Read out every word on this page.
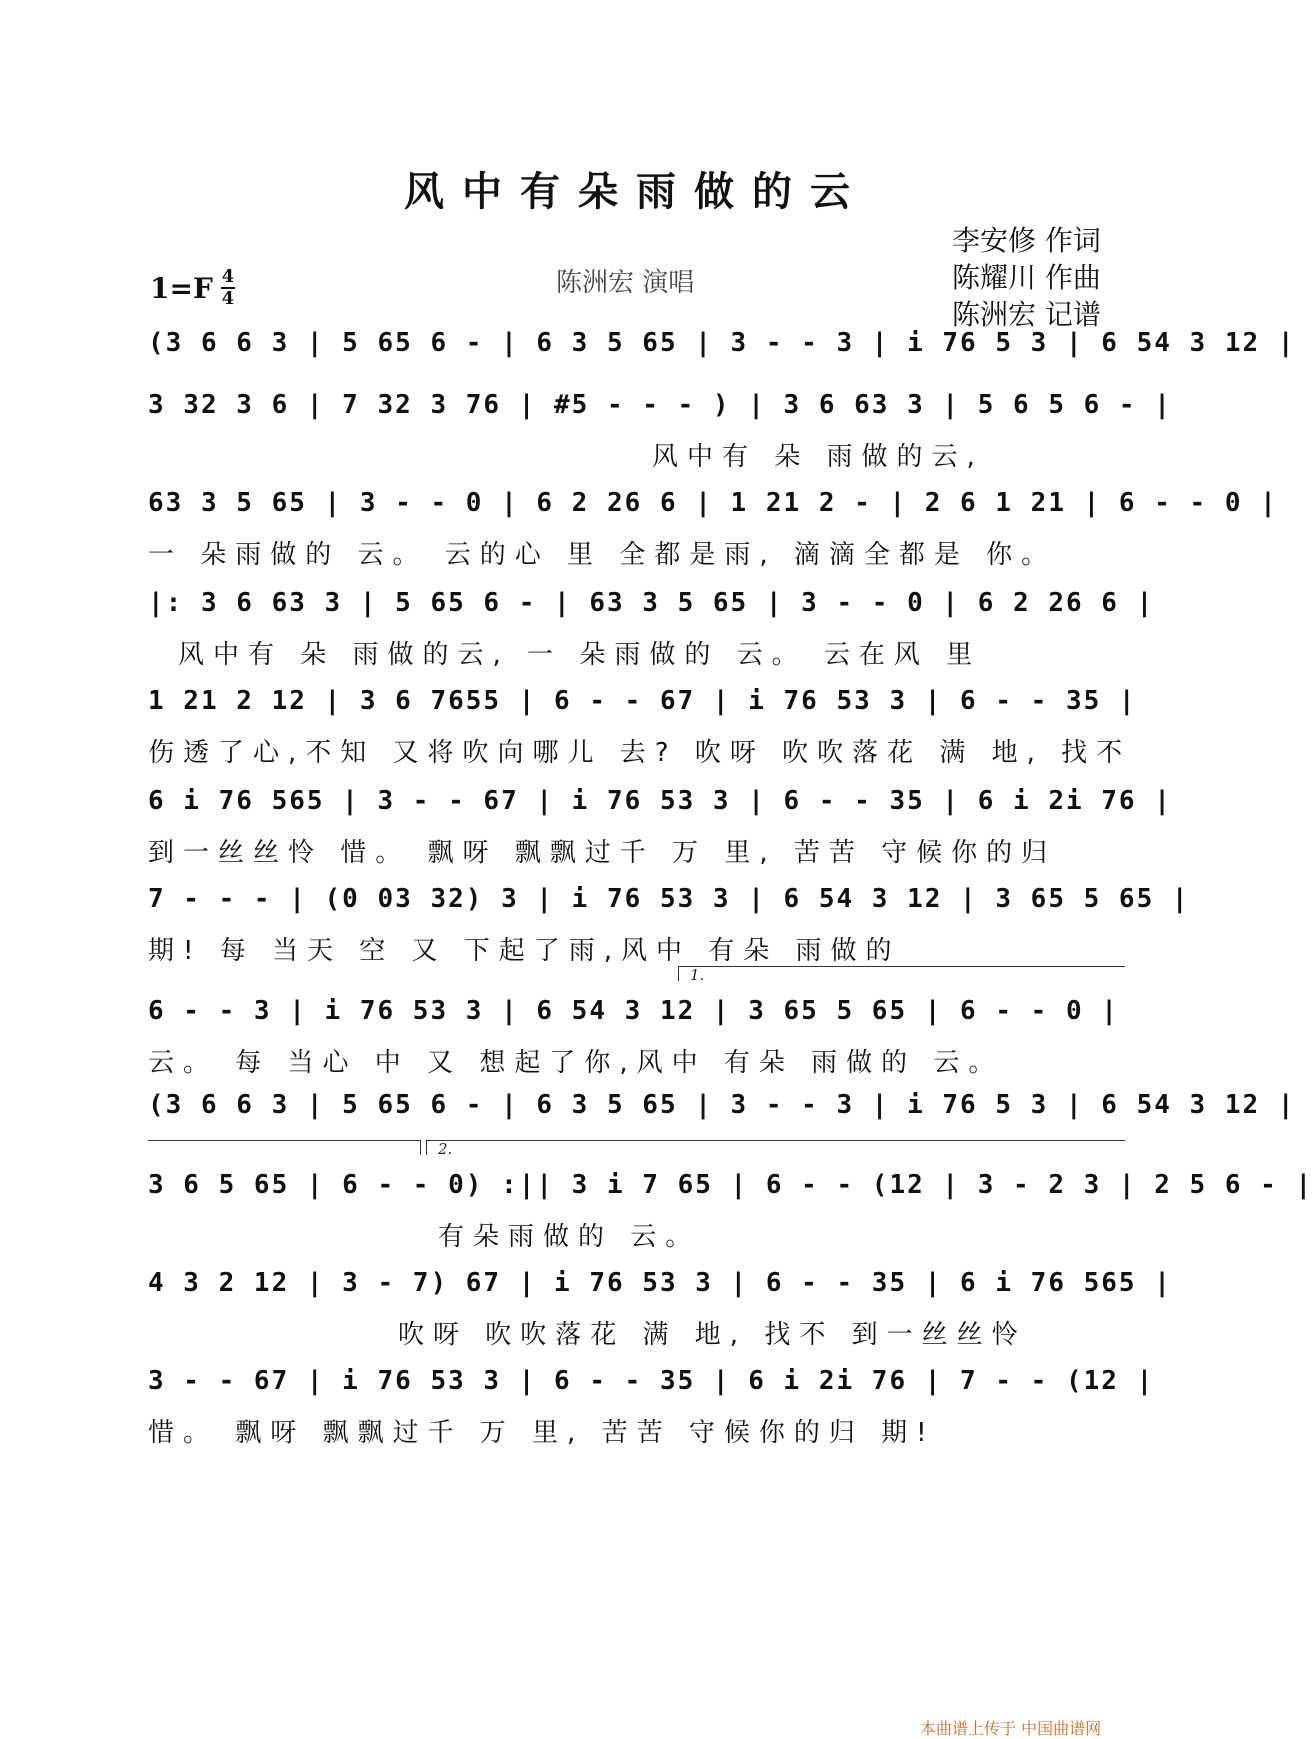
风中有朵雨做的云
$1=F \frac{4}{4}$	陈洲宏 演唱
李安修 作词
陈耀川 作曲
陈洲宏 记谱
(3 6 6 3 | 5 65 6 - | 6 3 5 65 | 3 - - 3 | i 76 5 3 | 6 54 3 12 |
3 32 3 6 | 7 32 3 76 | #5 - - - ) | 3 6 63 3 | 5 6 5 6 - |
风中有 朵 雨做的云,
63 3 5 65 | 3 - - 0 | 6 2 26 6 | 1 21 2 - | 2 6 1 21 | 6 - - 0 |
一 朵雨做的 云。 云的心 里 全都是雨, 滴滴全都是 你。
|: 3 6 63 3 | 5 65 6 - | 63 3 5 65 | 3 - - 0 | 6 2 26 6 |
风中有 朵 雨做的云, 一 朵雨做的 云。 云在风 里
1 21 2 12 | 3 6 7655 | 6 - - 67 | i 76 53 3 | 6 - - 35 |
伤透了心,不知 又将吹向哪儿 去? 吹呀 吹吹落花 满 地, 找不
6 i 76 565 | 3 - - 67 | i 76 53 3 | 6 - - 35 | 6 i 2i 76 |
到一丝丝怜 惜。 飘呀 飘飘过千 万 里, 苦苦 守候你的归
7 - - - | (0 03 32) 3 | i 76 53 3 | 6 54 3 12 | 3 65 5 65 |
期! 每 当天 空 又 下起了雨,风中 有朵 雨做的
1.
6 - - 3 | i 76 53 3 | 6 54 3 12 | 3 65 5 65 | 6 - - 0 |
云。 每 当心 中 又 想起了你,风中 有朵 雨做的 云。
(3 6 6 3 | 5 65 6 - | 6 3 5 65 | 3 - - 3 | i 76 5 3 | 6 54 3 12 |
2.
3 6 5 65 | 6 - - 0) :|| 3 i 7 65 | 6 - - (12 | 3 - 2 3 | 2 5 6 - |
有朵雨做的 云。
4 3 2 12 | 3 - 7) 67 | i 76 53 3 | 6 - - 35 | 6 i 76 565 |
吹呀 吹吹落花 满 地, 找不 到一丝丝怜
3 - - 67 | i 76 53 3 | 6 - - 35 | 6 i 2i 76 | 7 - - (12 |
惜。 飘呀 飘飘过千 万 里, 苦苦 守候你的归 期!
本曲谱上传于 中国曲谱网
